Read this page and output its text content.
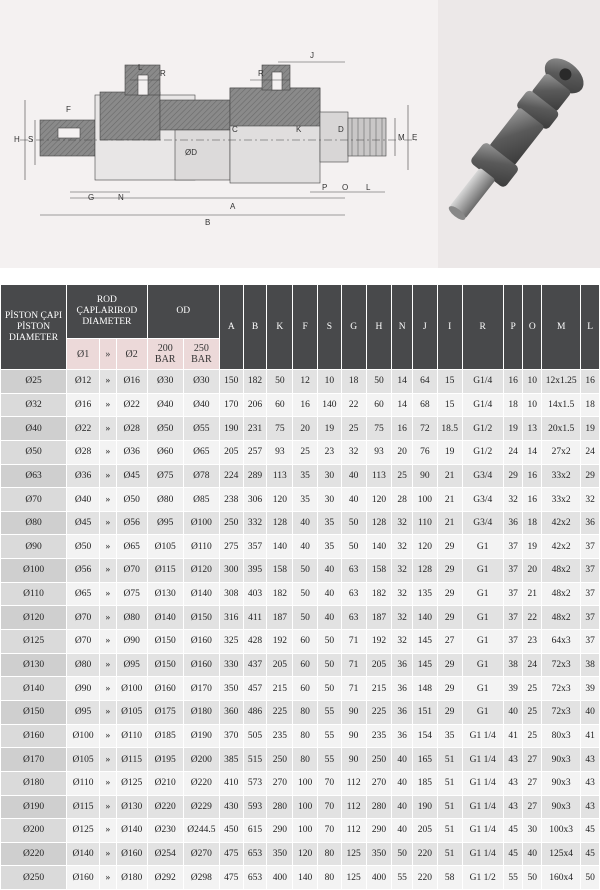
L
R	R
J
F
S
H
ØD
C	K	D
M E
P O L
G	N
A
B
PİSTON ÇAPI PİSTON DIAMETER	ROD ÇAPLARIROD DIAMETER			OD		A	B	K	F	S	G	H	N	J	I	R	P	O	M	L
	Ø1	»	Ø2	200 BAR	250 BAR															
Ø25	Ø12	»	Ø16	Ø30	Ø30	150	182	50	12	10	18	50	14	64	15	G1/4	16	10	12x1.25	16
Ø32	Ø16	»	Ø22	Ø40	Ø40	170	206	60	16	140	22	60	14	68	15	G1/4	18	10	14x1.5	18
Ø40	Ø22	»	Ø28	Ø50	Ø55	190	231	75	20	19	25	75	16	72	18.5	G1/2	19	13	20x1.5	19
Ø50	Ø28	»	Ø36	Ø60	Ø65	205	257	93	25	23	32	93	20	76	19	G1/2	24	14	27x2	24
Ø63	Ø36	»	Ø45	Ø75	Ø78	224	289	113	35	30	40	113	25	90	21	G3/4	29	16	33x2	29
Ø70	Ø40	»	Ø50	Ø80	Ø85	238	306	120	35	30	40	120	28	100	21	G3/4	32	16	33x2	32
Ø80	Ø45	»	Ø56	Ø95	Ø100	250	332	128	40	35	50	128	32	110	21	G3/4	36	18	42x2	36
Ø90	Ø50	»	Ø65	Ø105	Ø110	275	357	140	40	35	50	140	32	120	29	G1	37	19	42x2	37
Ø100	Ø56	»	Ø70	Ø115	Ø120	300	395	158	50	40	63	158	32	128	29	G1	37	20	48x2	37
Ø110	Ø65	»	Ø75	Ø130	Ø140	308	403	182	50	40	63	182	32	135	29	G1	37	21	48x2	37
Ø120	Ø70	»	Ø80	Ø140	Ø150	316	411	187	50	40	63	187	32	140	29	G1	37	22	48x2	37
Ø125	Ø70	»	Ø90	Ø150	Ø160	325	428	192	60	50	71	192	32	145	27	G1	37	23	64x3	37
Ø130	Ø80	»	Ø95	Ø150	Ø160	330	437	205	60	50	71	205	36	145	29	G1	38	24	72x3	38
Ø140	Ø90	»	Ø100	Ø160	Ø170	350	457	215	60	50	71	215	36	148	29	G1	39	25	72x3	39
Ø150	Ø95	»	Ø105	Ø175	Ø180	360	486	225	80	55	90	225	36	151	29	G1	40	25	72x3	40
Ø160	Ø100	»	Ø110	Ø185	Ø190	370	505	235	80	55	90	235	36	154	35	G1 1/4	41	25	80x3	41
Ø170	Ø105	»	Ø115	Ø195	Ø200	385	515	250	80	55	90	250	40	165	51	G1 1/4	43	27	90x3	43
Ø180	Ø110	»	Ø125	Ø210	Ø220	410	573	270	100	70	112	270	40	185	51	G1 1/4	43	27	90x3	43
Ø190	Ø115	»	Ø130	Ø220	Ø229	430	593	280	100	70	112	280	40	190	51	G1 1/4	43	27	90x3	43
Ø200	Ø125	»	Ø140	Ø230	Ø244.5	450	615	290	100	70	112	290	40	205	51	G1 1/4	45	30	100x3	45
Ø220	Ø140	»	Ø160	Ø254	Ø270	475	653	350	120	80	125	350	50	220	51	G1 1/4	45	40	125x4	45
Ø250	Ø160	»	Ø180	Ø292	Ø298	475	653	400	140	80	125	400	55	220	58	G1 1/2	55	50	160x4	50
